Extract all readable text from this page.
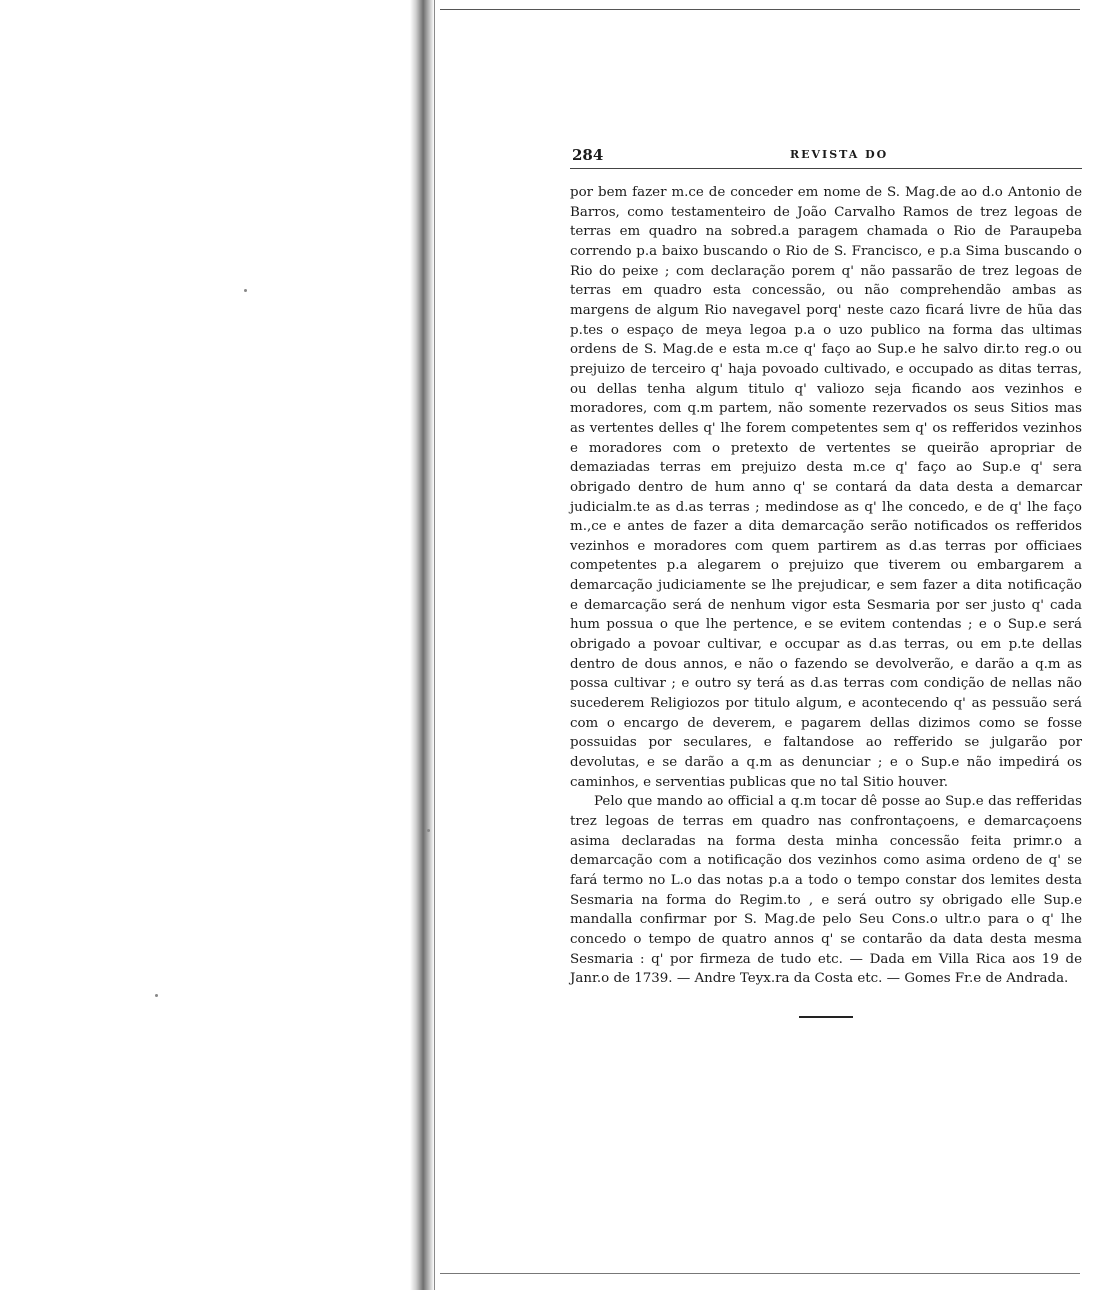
284	REVISTA DO

por bem fazer m.ce de conceder em nome de S. Mag.de ao d.o Antonio de Barros, como testamenteiro de João Carvalho Ramos de trez legoas de terras em quadro na sobred.a paragem chamada o Rio de Paraupeba correndo p.a baixo buscando o Rio de S. Francisco, e p.a Sima buscando o Rio do peixe ; com declaração porem q' não passarão de trez legoas de terras em quadro esta concessão, ou não comprehendão ambas as margens de algum Rio navegavel porq' neste cazo ficará livre de hũa das p.tes o espaço de meya legoa p.a o uzo publico na forma das ultimas ordens de S. Mag.de e esta m.ce q' faço ao Sup.e he salvo dir.to reg.o ou prejuizo de terceiro q' haja povoado cultivado, e occupado as ditas terras, ou dellas tenha algum titulo q' valiozo seja ficando aos vezinhos e moradores, com q.m partem, não somente rezervados os seus Sitios mas as vertentes delles q' lhe forem competentes sem q' os refferidos vezinhos e moradores com o pretexto de vertentes se queirão apropriar de demaziadas terras em prejuizo desta m.ce q' faço ao Sup.e q' sera obrigado dentro de hum anno q' se contará da data desta a demarcar judicialm.te as d.as terras ; medindose as q' lhe concedo, e de q' lhe faço m.,ce e antes de fazer a dita demarcação serão notificados os refferidos vezinhos e moradores com quem partirem as d.as terras por officiaes competentes p.a alegarem o prejuizo que tiverem ou embargarem a demarcação judiciamente se lhe prejudicar, e sem fazer a dita notificação e demarcação será de nenhum vigor esta Sesmaria por ser justo q' cada hum possua o que lhe pertence, e se evitem contendas ; e o Sup.e será obrigado a povoar cultivar, e occupar as d.as terras, ou em p.te dellas dentro de dous annos, e não o fazendo se devolverão, e darão a q.m as possa cultivar ; e outro sy terá as d.as terras com condição de nellas não sucederem Religiozos por titulo algum, e acontecendo q' as pessuão será com o encargo de deverem, e pagarem dellas dizimos como se fosse possuidas por seculares, e faltandose ao refferido se julgarão por devolutas, e se darão a q.m as denunciar ; e o Sup.e não impedirá os caminhos, e serventias publicas que no tal Sitio houver.

Pelo que mando ao official a q.m tocar dê posse ao Sup.e das refferidas trez legoas de terras em quadro nas confrontaçoens, e demarcaçoens asima declaradas na forma desta minha concessão feita primr.o a demarcação com a notificação dos vezinhos como asima ordeno de q' se fará termo no L.o das notas p.a a todo o tempo constar dos lemites desta Sesmaria na forma do Regim.to , e será outro sy obrigado elle Sup.e mandalla confirmar por S. Mag.de pelo Seu Cons.o ultr.o para o q' lhe concedo o tempo de quatro annos q' se contarão da data desta mesma Sesmaria : q' por firmeza de tudo etc. — Dada em Villa Rica aos 19 de Janr.o de 1739. — Andre Teyx.ra da Costa etc. — Gomes Fr.e de Andrada.
